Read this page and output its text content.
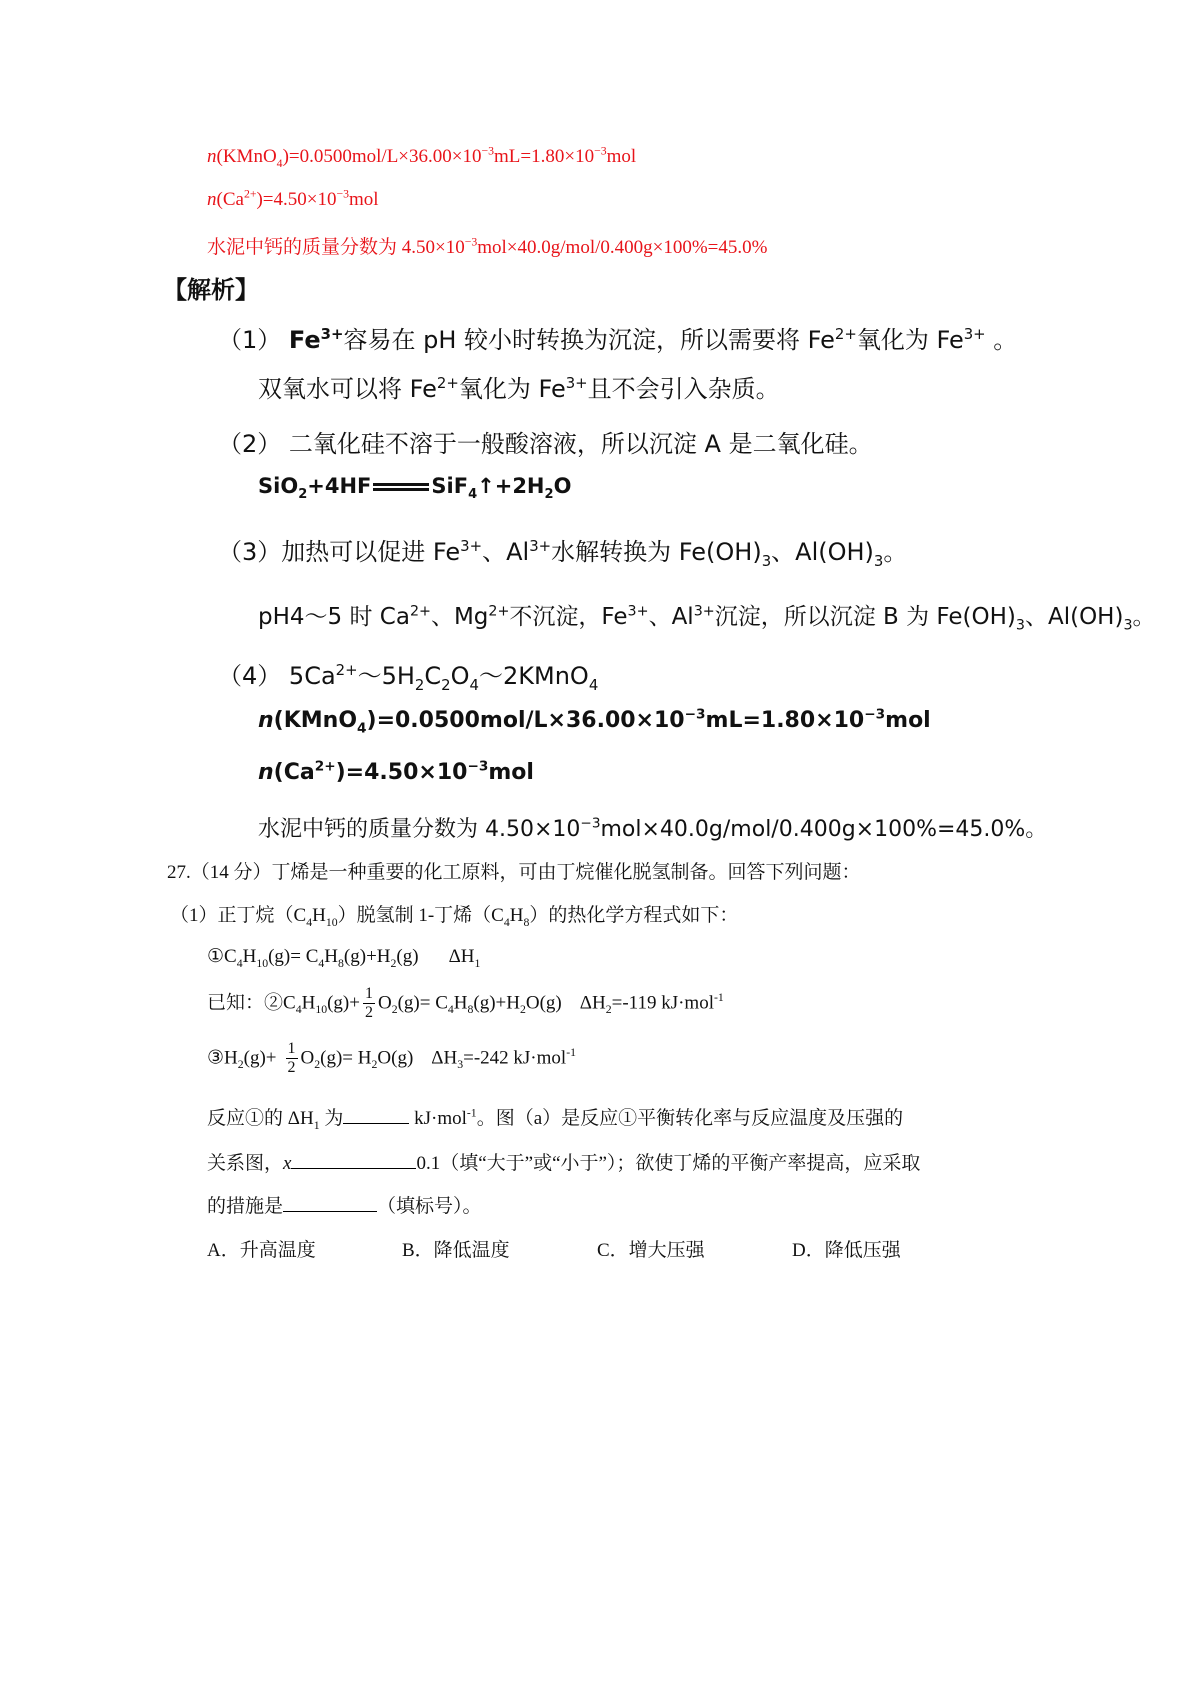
$n(KMnO_4)=0.0500mol/L\times 36.00\times 10^{-3}mL=1.80\times 10^{-3}mol$
$n(Ca^{2+})=4.50\times 10^{-3}mol$
水泥中钙的质量分数为 $4.50\times 10^{-3}mol\times 40.0g/mol/0.400g\times 100\%=45.0\%$
【解析】
（1） $Fe^{3+}$容易在 pH 较小时转换为沉淀，所以需要将 $Fe^{2+}$氧化为 $Fe^{3+}$ 。
双氧水可以将 $Fe^{2+}$氧化为 $Fe^{3+}$且不会引入杂质。
（2） 二氧化硅不溶于一般酸溶液，所以沉淀 A 是二氧化硅。
SiO$_2$+4HF	$SiF_4↑+2H_2O$
（3）加热可以促进 $Fe^{3+}$、$Al^{3+}$水解转换为 $Fe(OH)_3$、$Al(OH)_3$。
pH4～5 时 $Ca^{2+}$、$Mg^{2+}$不沉淀，$Fe^{3+}$、$Al^{3+}$沉淀，所以沉淀 B 为 $Fe(OH)_3$、$Al(OH)_3$。
（4） $5Ca^{2+}\sim 5H_2C_2O_4\sim 2KMnO_4$
$n(KMnO_4)=0.0500mol/L\times 36.00\times 10^{-3}mL=1.80\times 10^{-3}mol$
$n(Ca^{2+})=4.50\times 10^{-3}mol$
水泥中钙的质量分数为 $4.50\times 10^{-3}mol\times 40.0g/mol/0.400g\times 100\%=45.0\%$。
27.（14 分）丁烯是一种重要的化工原料，可由丁烷催化脱氢制备。回答下列问题：
（1）正丁烷$(C_4H_{10})$脱氢制 1-丁烯$(C_4H_8)$的热化学方程式如下：
$①C_4H_{10}(g)= C_4H_8(g)+H_2(g)$ $\Delta H_1$
已知：$②C_4H_{10}(g)+ \frac{1}{2} O_2(g)= C_4H_8(g)+H_2O(g)$ $\Delta H_2=-119$ kJ·mol$^{-1}$
$③H_2(g)+ \frac{1}{2} O_2(g)= H_2O(g)$ $\Delta H_3=-242$ kJ·mol$^{-1}$
反应①的 $\Delta H_1$ 为	kJ·mol$^{-1}$。图（a）是反应①平衡转化率与反应温度及压强的
关系图，x	0.1（填“大于”或“小于”）；欲使丁烯的平衡产率提高，应采取
的措施是	（填标号）。
A．升高温度	B．降低温度	C．增大压强	D．降低压强
